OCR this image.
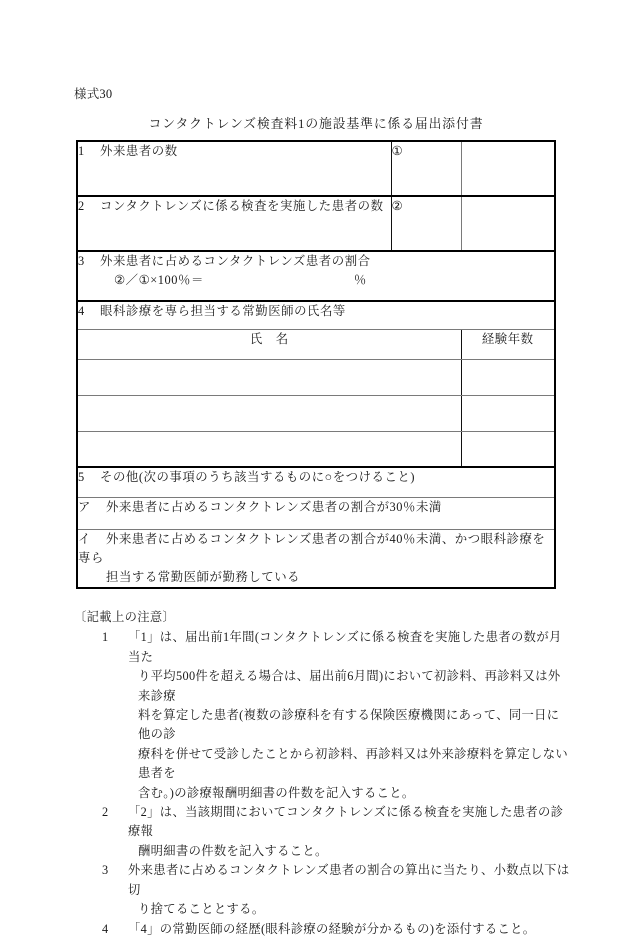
様式30
コンタクトレンズ検査料1の施設基準に係る届出添付書
1 外来患者の数	①	
2 コンタクトレンズに係る検査を実施した患者の数	②	
3 外来患者に占めるコンタクトレンズ患者の割合
②／①×100％＝ ％		

4 眼科診療を専ら担当する常勤医師の氏名等		
氏　名		経験年数

5 その他(次の事項のうち該当するものに○をつけること)		
ア 外来患者に占めるコンタクトレンズ患者の割合が30％未満		
イ 外来患者に占めるコンタクトレンズ患者の割合が40％未満、かつ眼科診療を専ら
担当する常勤医師が勤務している		
〔記載上の注意〕
1	「1」は、届出前1年間(コンタクトレンズに係る検査を実施した患者の数が月当た
り平均500件を超える場合は、届出前6月間)において初診料、再診料又は外来診療
料を算定した患者(複数の診療科を有する保険医療機関にあって、同一日に他の診
療科を併せて受診したことから初診料、再診料又は外来診療料を算定しない患者を
含む。)の診療報酬明細書の件数を記入すること。
2	「2」は、当該期間においてコンタクトレンズに係る検査を実施した患者の診療報
酬明細書の件数を記入すること。
3	外来患者に占めるコンタクトレンズ患者の割合の算出に当たり、小数点以下は切
り捨てることとする。
4	「4」の常勤医師の経歴(眼科診療の経験が分かるもの)を添付すること。
